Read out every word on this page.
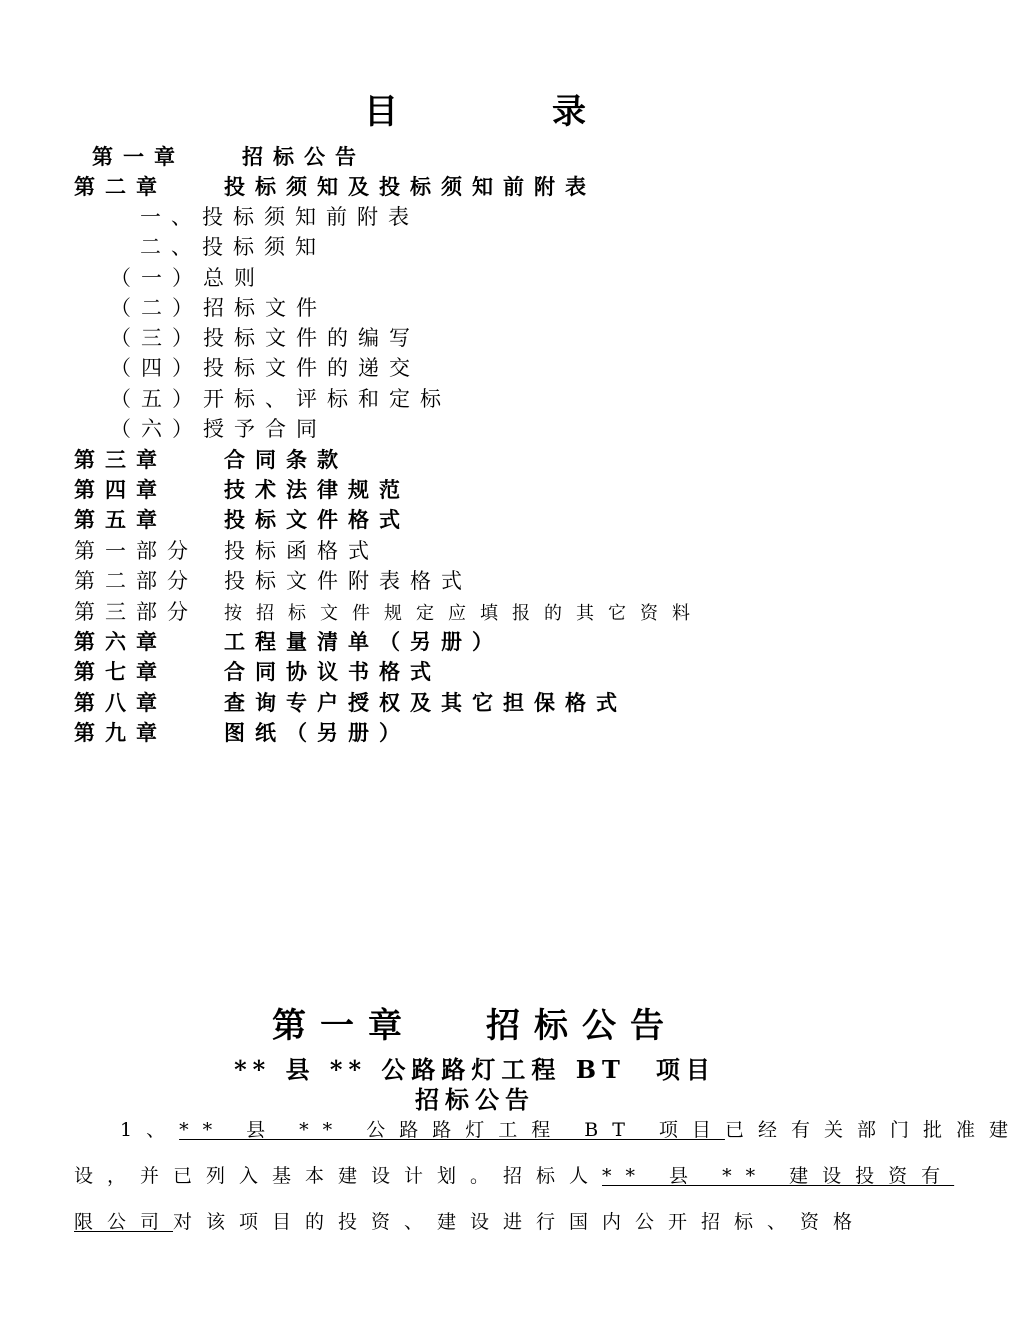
目　录
第一章	招标公告
第二章	投标须知及投标须知前附表
一、投标须知前附表
二、投标须知
（一）总则
（二）招标文件
（三）投标文件的编写
（四）投标文件的递交
（五）开标、评标和定标
（六）授予合同
第三章	合同条款
第四章	技术法律规范
第五章	投标文件格式
第一部分 投标函格式
第二部分 投标文件附表格式
第三部分 按招标文件规定应填报的其它资料
第六章	工程量清单（另册）
第七章	合同协议书格式
第八章	查询专户授权及其它担保格式
第九章	图纸（另册）
第一章 招标公告
** 县 ** 公路路灯工程 BT　项目
招标公告
1、** 县 ** 公路路灯工程 BT 项目已经有关部门批准建
设，并已列入基本建设计划。招标人** 县 ** 建设投资有
限公司对该项目的投资、建设进行国内公开招标、资格
